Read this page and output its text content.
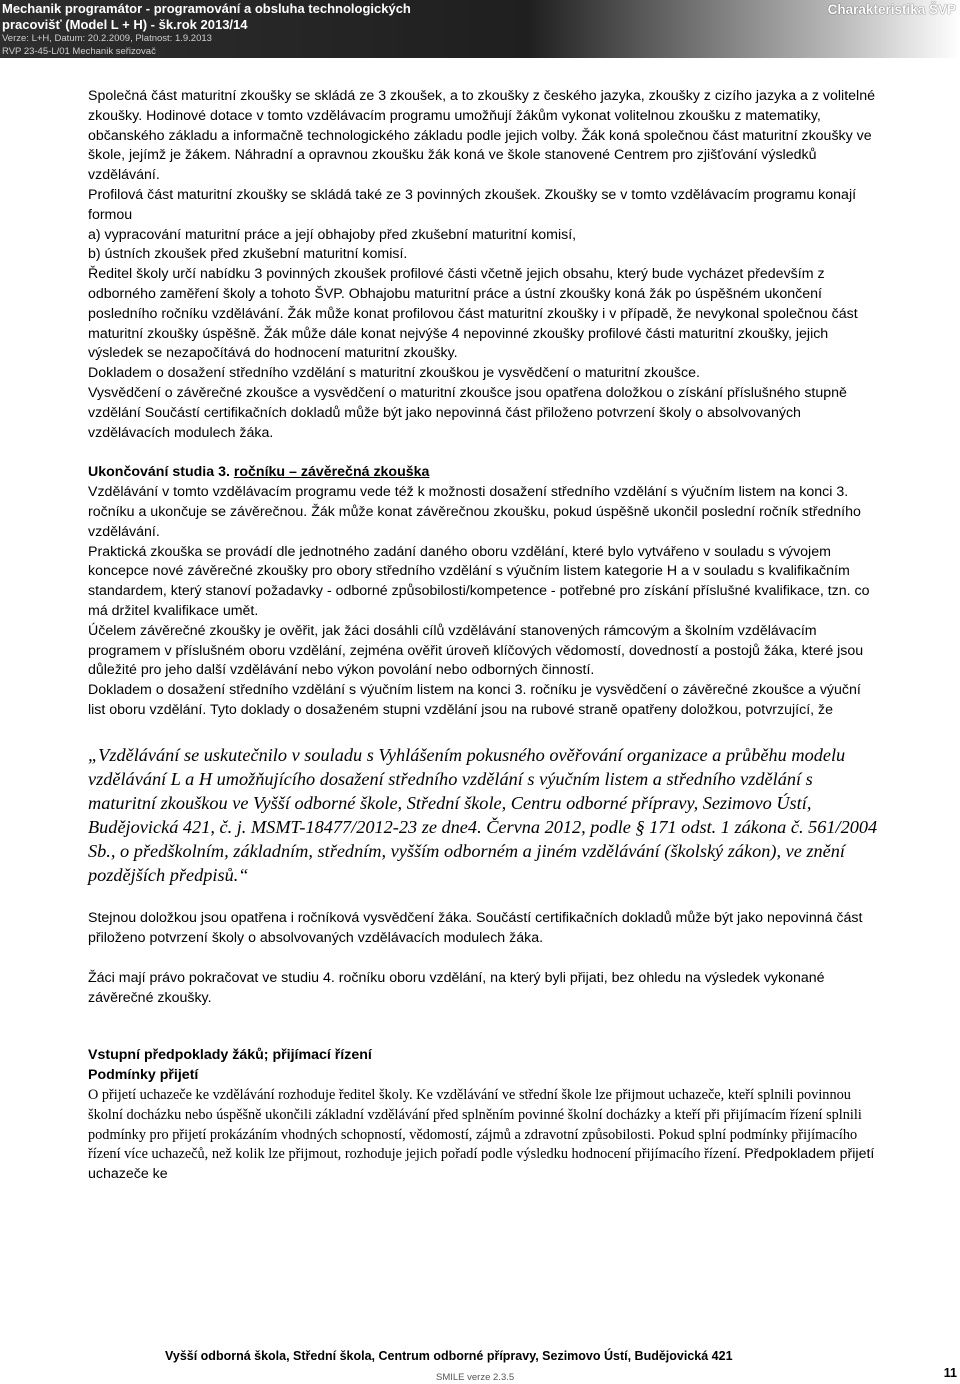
Mechanik programátor - programování a obsluha technologických
pracovišť (Model L + H) - šk.rok 2013/14
Verze: L+H, Datum: 20.2.2009, Platnost: 1.9.2013
RVP 23-45-L/01 Mechanik seřizovač
Charakteristika ŠVP

Společná část maturitní zkoušky se skládá ze 3 zkoušek, a to zkoušky z českého jazyka, zkoušky z cizího jazyka a z volitelné zkoušky. Hodinové dotace v tomto vzdělávacím programu umožňují žákům vykonat volitelnou zkoušku z matematiky, občanského základu a informačně technologického základu podle jejich volby. Žák koná společnou část maturitní zkoušky ve škole, jejímž je žákem. Náhradní a opravnou zkoušku žák koná ve škole stanovené Centrem pro zjišťování výsledků vzdělávání.

Profilová část maturitní zkoušky se skládá také ze 3 povinných zkoušek. Zkoušky se v tomto vzdělávacím programu konají formou

a) vypracování maturitní práce a její obhajoby před zkušební maturitní komisí,

b) ústních zkoušek před zkušební maturitní komisí.

Ředitel školy určí nabídku 3 povinných zkoušek profilové části včetně jejich obsahu, který bude vycházet především z odborného zaměření školy a tohoto ŠVP. Obhajobu maturitní práce a ústní zkoušky koná žák po úspěšném ukončení posledního ročníku vzdělávání. Žák může konat profilovou část maturitní zkoušky i v případě, že nevykonal společnou část maturitní zkoušky úspěšně. Žák může dále konat nejvýše 4 nepovinné zkoušky profilové části maturitní zkoušky, jejich výsledek se nezapočítává do hodnocení maturitní zkoušky.

Dokladem o dosažení středního vzdělání s maturitní zkouškou je vysvědčení o maturitní zkoušce.

Vysvědčení o závěrečné zkoušce a vysvědčení o maturitní zkoušce jsou opatřena doložkou o získání příslušného stupně vzdělání Součástí certifikačních dokladů může být jako nepovinná část přiloženo potvrzení školy o absolvovaných vzdělávacích modulech žáka.

Ukončování studia 3. ročníku – závěrečná zkouška

Vzdělávání v tomto vzdělávacím programu vede též k možnosti dosažení středního vzdělání s výučním listem na konci 3. ročníku a ukončuje se závěrečnou. Žák může konat závěrečnou zkoušku, pokud úspěšně ukončil poslední ročník středního vzdělávání.

Praktická zkouška se provádí dle jednotného zadání daného oboru vzdělání, které bylo vytvářeno v souladu s vývojem koncepce nové závěrečné zkoušky pro obory středního vzdělání s výučním listem kategorie H a v souladu s kvalifikačním standardem, který stanoví požadavky - odborné způsobilosti/kompetence - potřebné pro získání příslušné kvalifikace, tzn. co má držitel kvalifikace umět.

Účelem závěrečné zkoušky je ověřit, jak žáci dosáhli cílů vzdělávání stanovených rámcovým a školním vzdělávacím programem v příslušném oboru vzdělání, zejména ověřit úroveň klíčových vědomostí, dovedností a postojů žáka, které jsou důležité pro jeho další vzdělávání nebo výkon povolání nebo odborných činností.

Dokladem o dosažení středního vzdělání s výučním listem na konci 3. ročníku je vysvědčení o závěrečné zkoušce a výuční list oboru vzdělání. Tyto doklady o dosaženém stupni vzdělání jsou na rubové straně opatřeny doložkou, potvrzující, že

„Vzdělávání se uskutečnilo v souladu s Vyhlášením pokusného ověřování organizace a průběhu modelu vzdělávání L a H umožňujícího dosažení středního vzdělání s výučním listem a středního vzdělání s maturitní zkouškou ve Vyšší odborné škole, Střední škole, Centru odborné přípravy, Sezimovo Ústí, Budějovická 421, č. j. MSMT-18477/2012-23 ze dne4. Června 2012, podle § 171 odst. 1 zákona č. 561/2004 Sb., o předškolním, základním, středním, vyšším odborném a jiném vzdělávání (školský zákon), ve znění pozdějších předpisů.“

Stejnou doložkou jsou opatřena i ročníková vysvědčení žáka. Součástí certifikačních dokladů může být jako nepovinná část přiloženo potvrzení školy o absolvovaných vzdělávacích modulech žáka.

Žáci mají právo pokračovat ve studiu 4. ročníku oboru vzdělání, na který byli přijati, bez ohledu na výsledek vykonané závěrečné zkoušky.

Vstupní předpoklady žáků; přijímací řízení

Podmínky přijetí

O přijetí uchazeče ke vzdělávání rozhoduje ředitel školy. Ke vzdělávání ve střední škole lze přijmout uchazeče, kteří splnili povinnou školní docházku nebo úspěšně ukončili základní vzdělávání před splněním povinné školní docházky a kteří při přijímacím řízení splnili podmínky pro přijetí prokázáním vhodných schopností, vědomostí, zájmů a zdravotní způsobilosti. Pokud splní podmínky přijímacího řízení více uchazečů, než kolik lze přijmout, rozhoduje jejich pořadí podle výsledku hodnocení přijímacího řízení. Předpokladem přijetí uchazeče ke

Vyšší odborná škola, Střední škola, Centrum odborné přípravy, Sezimovo Ústí, Budějovická 421
SMILE verze 2.3.5	11
